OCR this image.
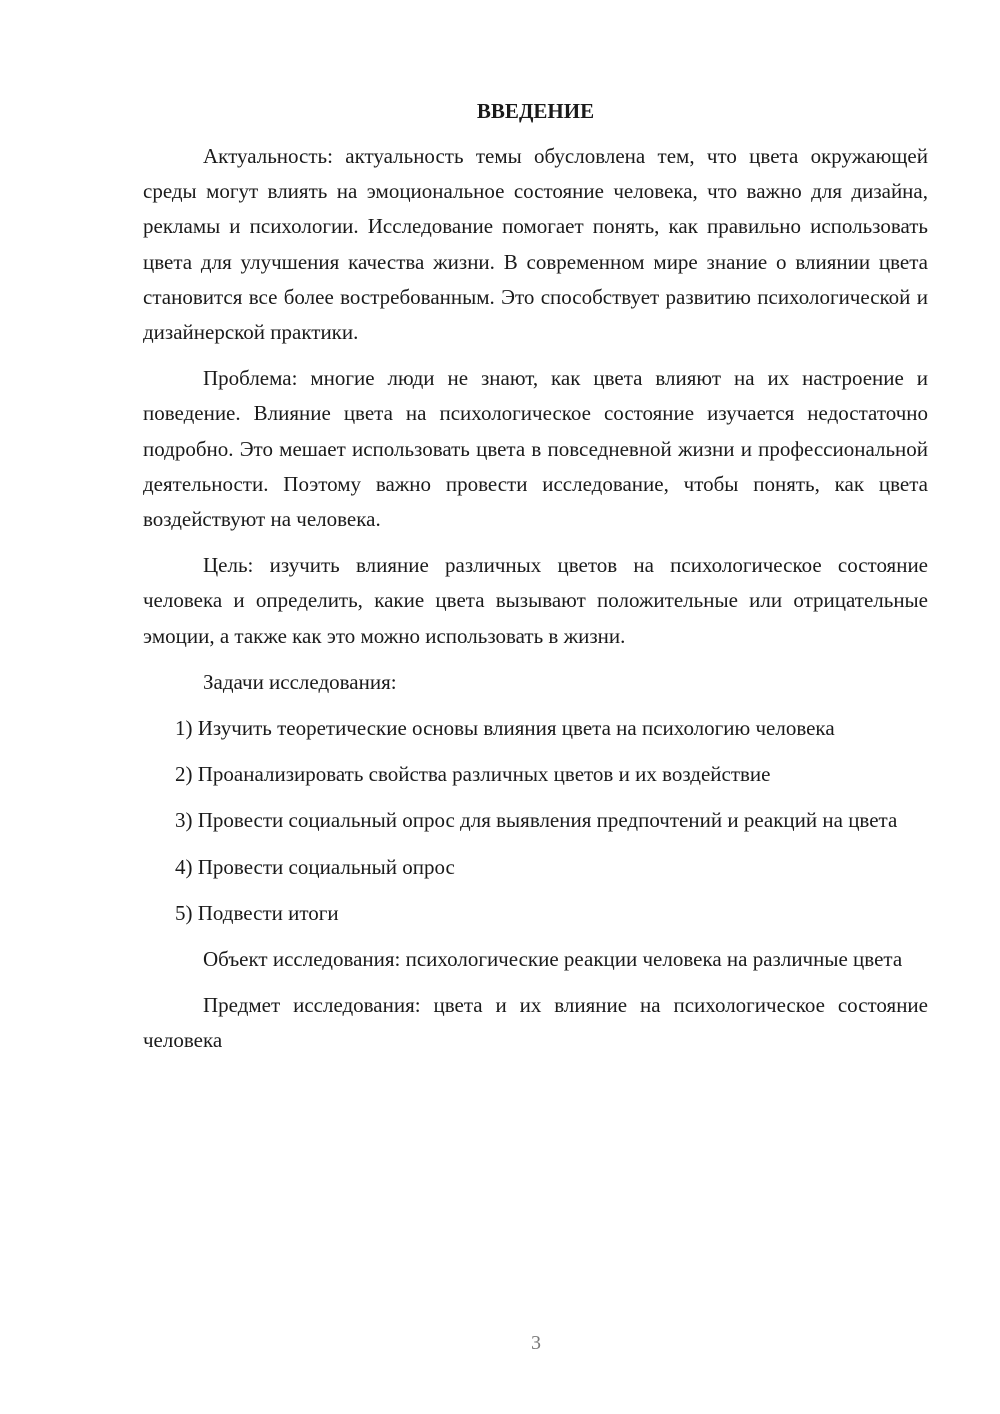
ВВЕДЕНИЕ

Актуальность: актуальность темы обусловлена тем, что цвета окружающей среды могут влиять на эмоциональное состояние человека, что важно для дизайна, рекламы и психологии. Исследование помогает понять, как правильно использовать цвета для улучшения качества жизни. В современном мире знание о влиянии цвета становится все более востребованным. Это способствует развитию психологической и дизайнерской практики.

Проблема: многие люди не знают, как цвета влияют на их настроение и поведение. Влияние цвета на психологическое состояние изучается недостаточно подробно. Это мешает использовать цвета в повседневной жизни и профессиональной деятельности. Поэтому важно провести исследование, чтобы понять, как цвета воздействуют на человека.

Цель: изучить влияние различных цветов на психологическое состояние человека и определить, какие цвета вызывают положительные или отрицательные эмоции, а также как это можно использовать в жизни.

Задачи исследования:

1) Изучить теоретические основы влияния цвета на психологию человека

2) Проанализировать свойства различных цветов и их воздействие

3) Провести социальный опрос для выявления предпочтений и реакций на цвета

4) Провести социальный опрос

5) Подвести итоги

Объект исследования: психологические реакции человека на различные цвета

Предмет исследования: цвета и их влияние на психологическое состояние человека

3
